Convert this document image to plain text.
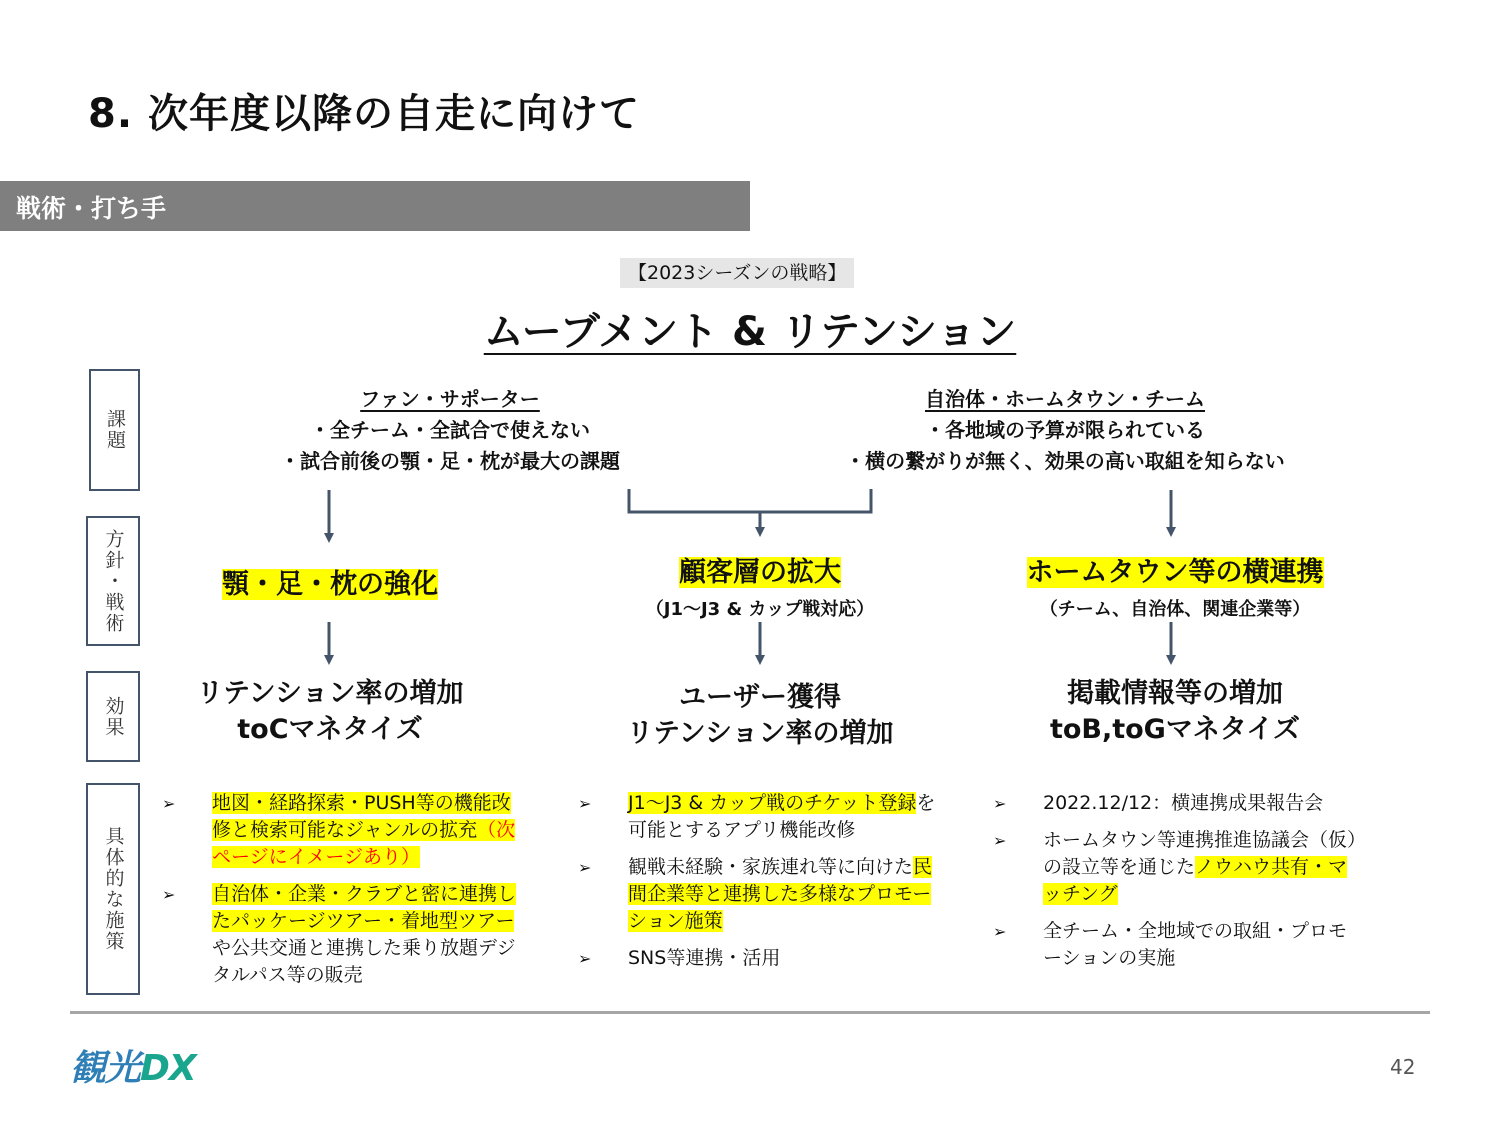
8. 次年度以降の自走に向けて
戦術・打ち手
【2023シーズンの戦略】
ムーブメント & リテンション
課題
方針・戦術
効果
具体的な施策
ファン・サポーター
・全チーム・全試合で使えない
・試合前後の顎・足・枕が最大の課題
自治体・ホームタウン・チーム
・各地域の予算が限られている
・横の繋がりが無く、効果の高い取組を知らない
顎・足・枕の強化	顧客層の拡大
（J1～J3 & カップ戦対応）
ホームタウン等の横連携
（チーム、自治体、関連企業等）
リテンション率の増加
toCマネタイズ
ユーザー獲得
リテンション率の増加
掲載情報等の増加
toB,toGマネタイズ
➢ 地図・経路探索・PUSH等の機能改修と検索可能なジャンルの拡充（次ページにイメージあり）
➢ 自治体・企業・クラブと密に連携したパッケージツアー・着地型ツアーや公共交通と連携した乗り放題デジタルパス等の販売
➢ J1～J3 & カップ戦のチケット登録を可能とするアプリ機能改修
➢ 観戦未経験・家族連れ等に向けた民間企業等と連携した多様なプロモーション施策
➢ SNS等連携・活用
➢ 2022.12/12：横連携成果報告会
➢ ホームタウン等連携推進協議会（仮）の設立等を通じたノウハウ共有・マッチング
➢ 全チーム・全地域での取組・プロモーションの実施
観光DX	42
